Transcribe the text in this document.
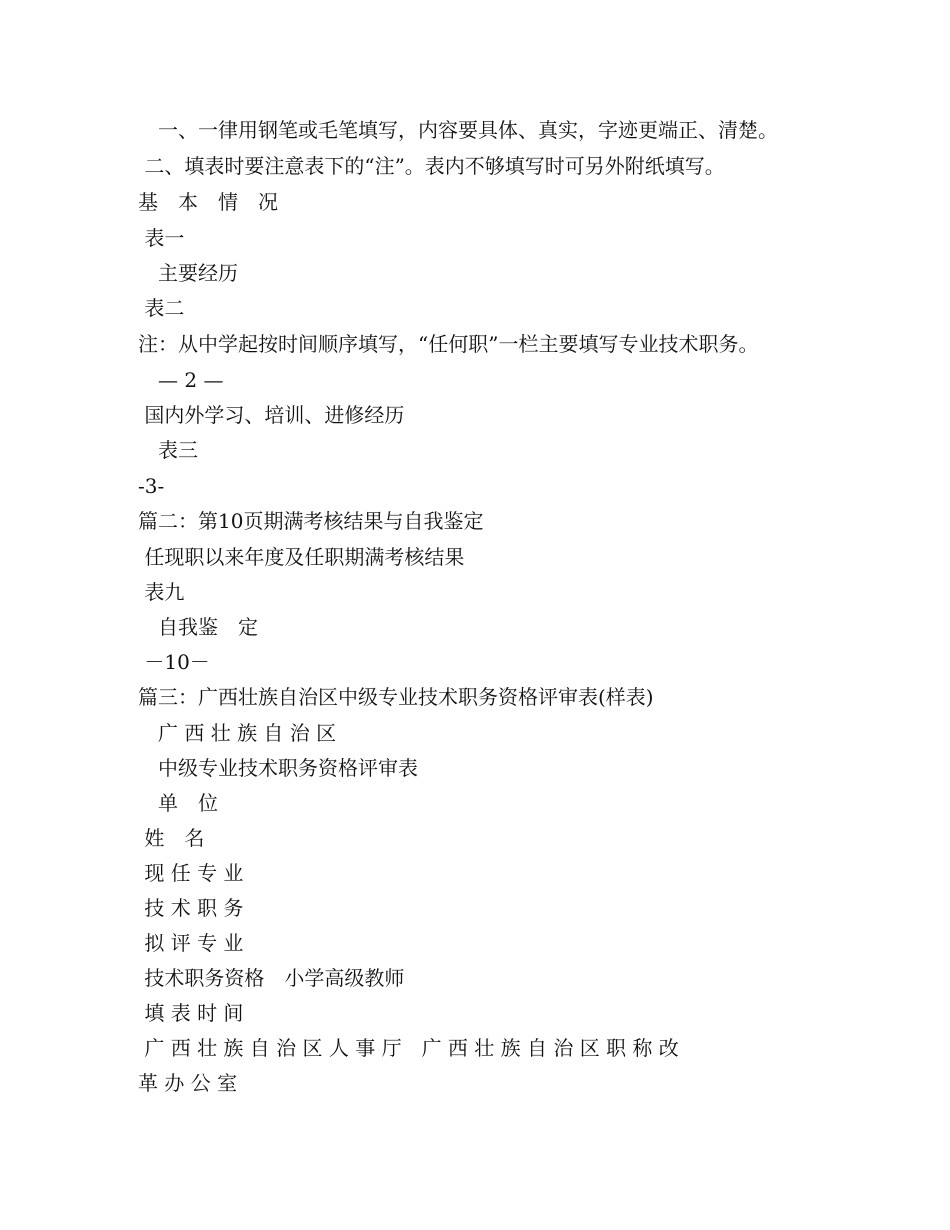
　一、一律用钢笔或毛笔填写，内容要具体、真实，字迹更端正、清楚。
二、填表时要注意表下的“注”。表内不够填写时可另外附纸填写。
基　本　情　况
表一
　主要经历
表二
注：从中学起按时间顺序填写，“任何职”一栏主要填写专业技术职务。
　— 2 —
国内外学习、培训、进修经历
　表三
-3-
篇二：第10页期满考核结果与自我鉴定
任现职以来年度及任职期满考核结果
表九
　自我鉴　定
－10－
篇三：广西壮族自治区中级专业技术职务资格评审表(样表)
　广 西 壮 族 自 治 区
　中级专业技术职务资格评审表
　单　位
姓　名
现 任 专 业
技 术 职 务
拟 评 专 业
技术职务资格　小学高级教师
填 表 时 间
广 西 壮 族 自 治 区 人 事 厅　广 西 壮 族 自 治 区 职 称 改
革 办 公 室
